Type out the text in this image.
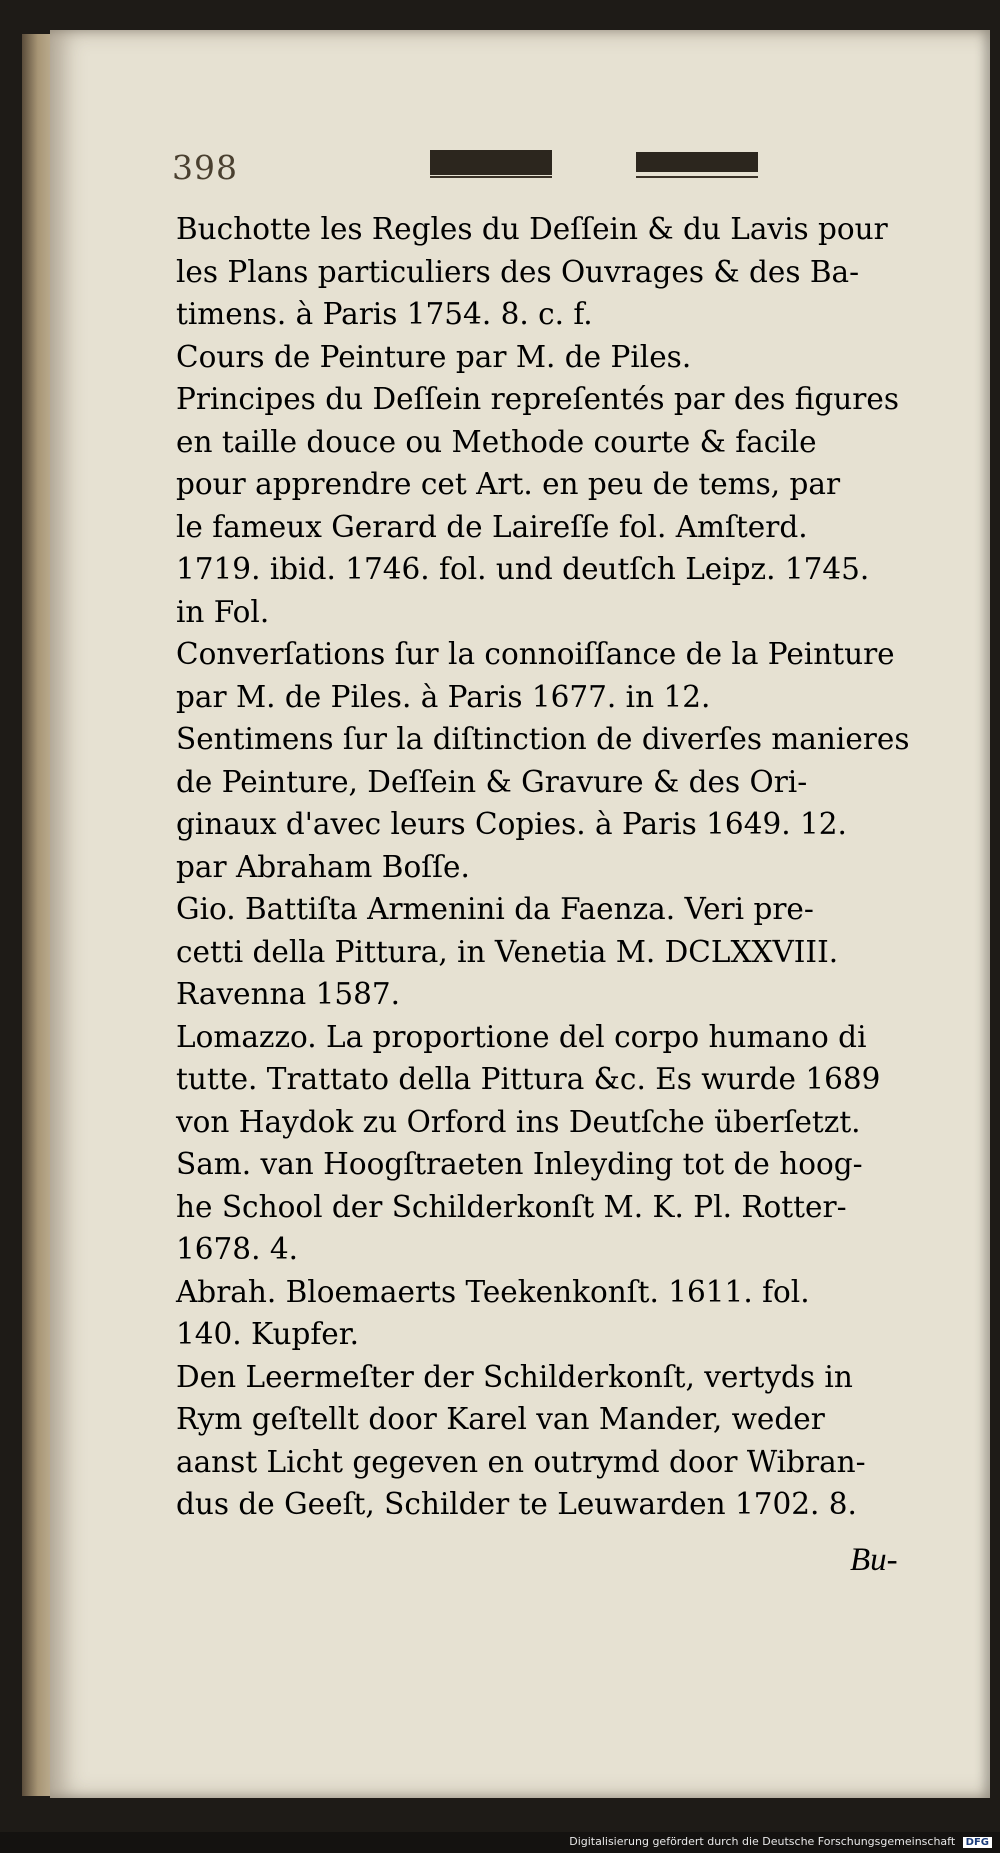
398

Buchotte les Regles du Deſſein & du Lavis pour
les Plans particuliers des Ouvrages & des Ba-
timens. à Paris 1754. 8. c. f.

Cours de Peinture par M. de Piles.

Principes du Deſſein repreſentés par des figures
en taille douce ou Methode courte & facile
pour apprendre cet Art. en peu de tems, par
le fameux Gerard de Laireſſe fol. Amſterd.
1719. ibid. 1746. fol. und deutſch Leipz. 1745.
in Fol.

Converſations ſur la connoiſſance de la Peinture
par M. de Piles. à Paris 1677. in 12.

Sentimens ſur la diſtinction de diverſes manieres
de Peinture, Deſſein & Gravure & des Ori-
ginaux d'avec leurs Copies. à Paris 1649. 12.
par Abraham Boſſe.

Gio. Battiſta Armenini da Faenza. Veri pre-
cetti della Pittura, in Venetia M. DCLXXVIII.
Ravenna 1587.

Lomazzo. La proportione del corpo humano di
tutte. Trattato della Pittura &c. Es wurde 1689
von Haydok zu Orford ins Deutſche überſetzt.

Sam. van Hoogſtraeten Inleyding tot de hoog-
he School der Schilderkonſt M. K. Pl. Rotter-
1678. 4.

Abrah. Bloemaerts Teekenkonſt. 1611. fol.
140. Kupfer.

Den Leermeſter der Schilderkonſt, vertyds in
Rym geſtellt door Karel van Mander, weder
aanst Licht gegeven en outrymd door Wibran-
dus de Geeſt, Schilder te Leuwarden 1702. 8.

Bu-
Digitalisierung gefördert durch die Deutsche Forschungsgemeinschaft DFG
